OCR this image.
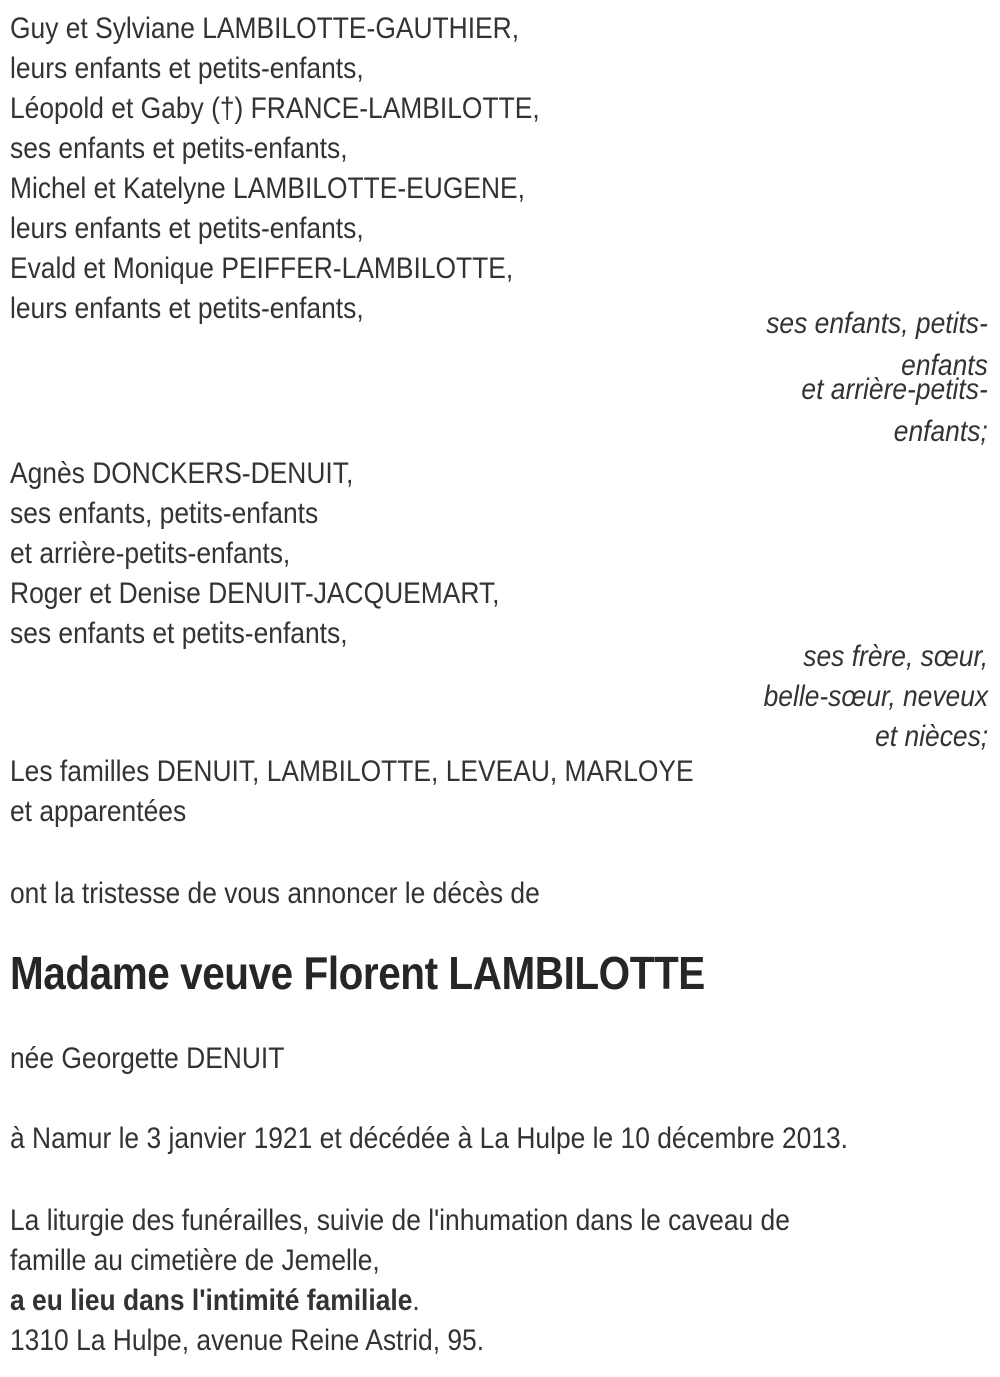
Guy et Sylviane LAMBILOTTE-GAUTHIER,
leurs enfants et petits-enfants,
Léopold et Gaby (†) FRANCE-LAMBILOTTE,
ses enfants et petits-enfants,
Michel et Katelyne LAMBILOTTE-EUGENE,
leurs enfants et petits-enfants,
Evald et Monique PEIFFER-LAMBILOTTE,
leurs enfants et petits-enfants,	ses enfants, petits-
enfants
et arrière-petits-
enfants;
Agnès DONCKERS-DENUIT,
ses enfants, petits-enfants
et arrière-petits-enfants,
Roger et Denise DENUIT-JACQUEMART,
ses enfants et petits-enfants,
ses frère, sœur,
belle-sœur, neveux
et nièces;
Les familles DENUIT, LAMBILOTTE, LEVEAU, MARLOYE
et apparentées
ont la tristesse de vous annoncer le décès de
Madame veuve Florent LAMBILOTTE
née Georgette DENUIT
à Namur le 3 janvier 1921 et décédée à La Hulpe le 10 décembre 2013.
La liturgie des funérailles, suivie de l'inhumation dans le caveau de
famille au cimetière de Jemelle,
a eu lieu dans l'intimité familiale.
1310 La Hulpe, avenue Reine Astrid, 95.
